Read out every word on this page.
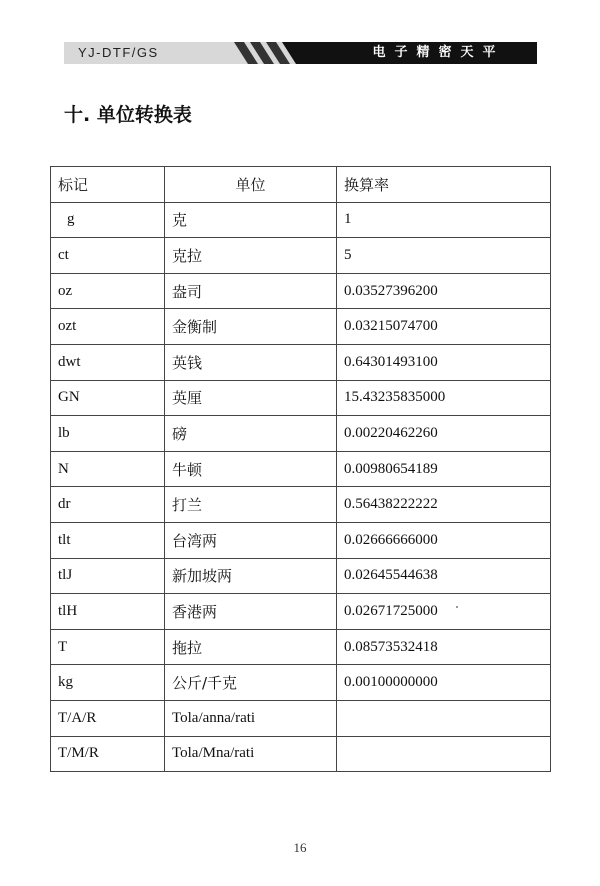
YJ-DTF/GS	电子精密天平
十. 单位转换表
标记	单位	换算率
g	克	1
ct	克拉	5
oz	盎司	0.03527396200
ozt	金衡制	0.03215074700
dwt	英钱	0.64301493100
GN	英厘	15.43235835000
lb	磅	0.00220462260
N	牛顿	0.00980654189
dr	打兰	0.56438222222
tlt	台湾两	0.02666666000
tlJ	新加坡两	0.02645544638
tlH	香港两	0.02671725000
T	拖拉	0.08573532418
kg	公斤/千克	0.00100000000
T/A/R	Tola/anna/rati	
T/M/R	Tola/Mna/rati	
16
